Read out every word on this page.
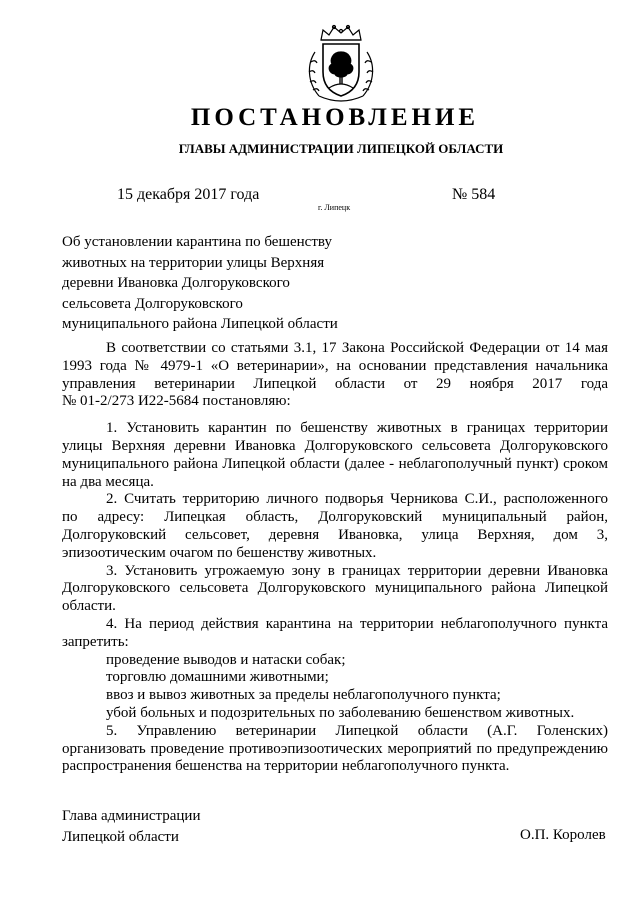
ПОСТАНОВЛЕНИЕ
ГЛАВЫ АДМИНИСТРАЦИИ ЛИПЕЦКОЙ ОБЛАСТИ
15 декабря 2017 года
г. Липецк
№ 584
Об установлении карантина по бешенству
животных на территории улицы Верхняя
деревни Ивановка Долгоруковского
сельсовета Долгоруковского
муниципального района Липецкой области
В соответствии со статьями 3.1, 17 Закона Российской Федерации от 14 мая
1993 года № 4979-1 «О ветеринарии», на основании представления начальника
управления ветеринарии Липецкой области от 29 ноября 2017 года
№ 01-2/273 И22-5684 постановляю:
1. Установить карантин по бешенству животных в границах территории
улицы Верхняя деревни Ивановка Долгоруковского сельсовета Долгоруковского
муниципального района Липецкой области (далее - неблагополучный пункт) сроком
на два месяца.
2. Считать территорию личного подворья Черникова С.И., расположенного
по адресу: Липецкая область, Долгоруковский муниципальный район,
Долгоруковский сельсовет, деревня Ивановка, улица Верхняя, дом 3,
эпизоотическим очагом по бешенству животных.
3. Установить угрожаемую зону в границах территории деревни Ивановка
Долгоруковского сельсовета Долгоруковского муниципального района Липецкой
области.
4. На период действия карантина на территории неблагополучного пункта
запретить:
проведение выводов и натаски собак;
торговлю домашними животными;
ввоз и вывоз животных за пределы неблагополучного пункта;
убой больных и подозрительных по заболеванию бешенством животных.
5. Управлению ветеринарии Липецкой области (А.Г. Голенских)
организовать проведение противоэпизоотических мероприятий по предупреждению
распространения бешенства на территории неблагополучного пункта.
Глава администрации
Липецкой области	О.П. Королев
